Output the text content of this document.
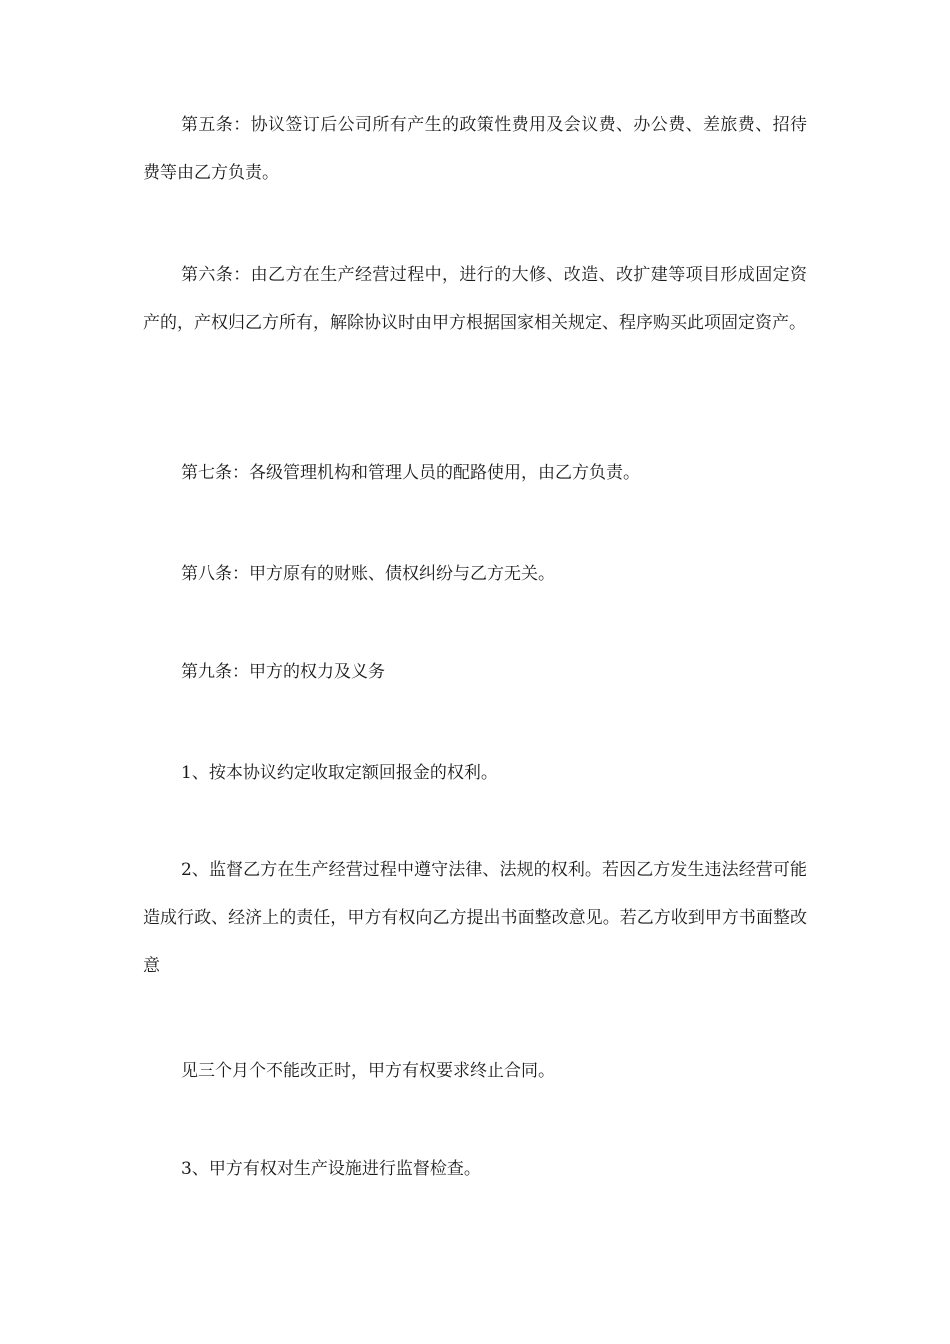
第五条：协议签订后公司所有产生的政策性费用及会议费、办公费、差旅费、招待费等由乙方负责。

第六条：由乙方在生产经营过程中，进行的大修、改造、改扩建等项目形成固定资产的，产权归乙方所有，解除协议时由甲方根据国家相关规定、程序购买此项固定资产。

第七条：各级管理机构和管理人员的配路使用，由乙方负责。

第八条：甲方原有的财账、债权纠纷与乙方无关。

第九条：甲方的权力及义务

1、按本协议约定收取定额回报金的权利。

2、监督乙方在生产经营过程中遵守法律、法规的权利。若因乙方发生违法经营可能造成行政、经济上的责任，甲方有权向乙方提出书面整改意见。若乙方收到甲方书面整改意

见三个月个不能改正时，甲方有权要求终止合同。

3、甲方有权对生产设施进行监督检查。
